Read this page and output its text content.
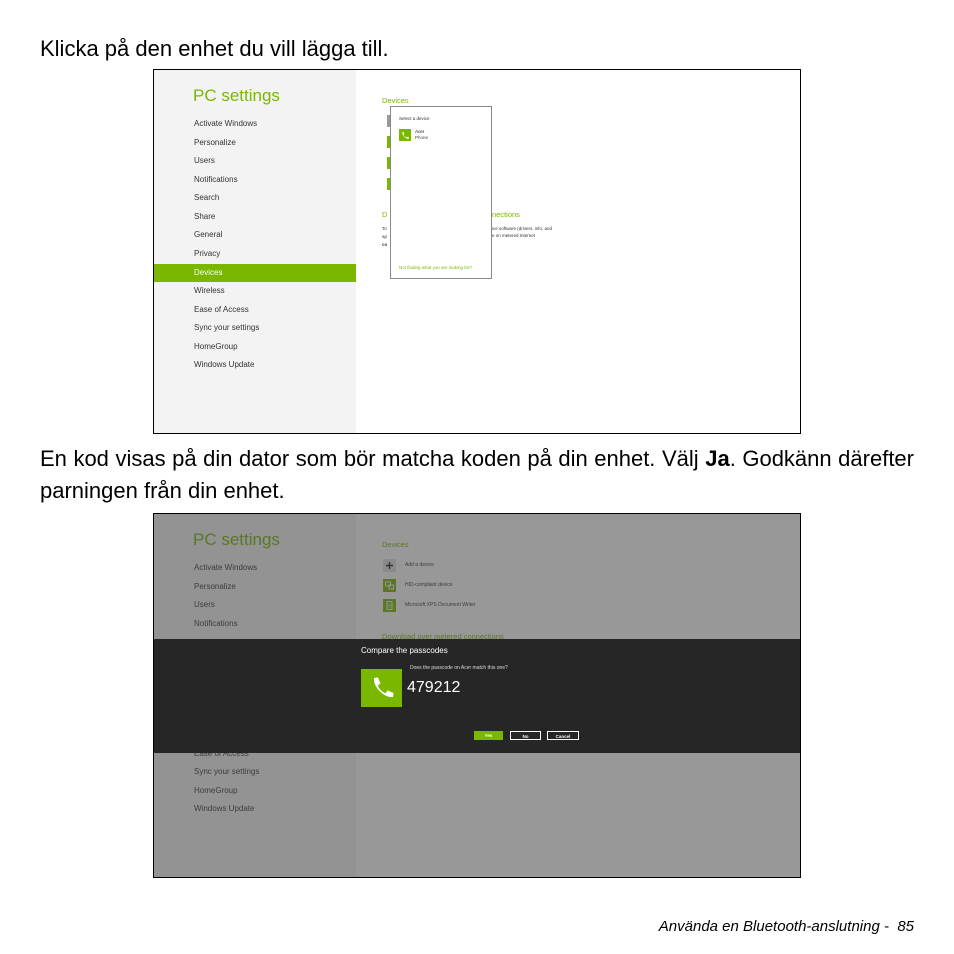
Klicka på den enhet du vill lägga till.

PC settings
Activate Windows
Personalize
Users
Notifications
Search
Share
General
Privacy
Devices
Wireless
Ease of Access
Sync your settings
HomeGroup
Windows Update
Devices
D	nections
To
ap
co
ice software (drivers, info, and
e on metered Internet
Select a device
Acer
Phone
Not finding what you are looking for?

En kod visas på din dator som bör matcha koden på din enhet. Välj Ja. Godkänn därefter parningen från din enhet.

Compare the passcodes
Does the passcode on Acer match this one?
479212
Yes	No	Cancel
Använda en Bluetooth-anslutning - 85
